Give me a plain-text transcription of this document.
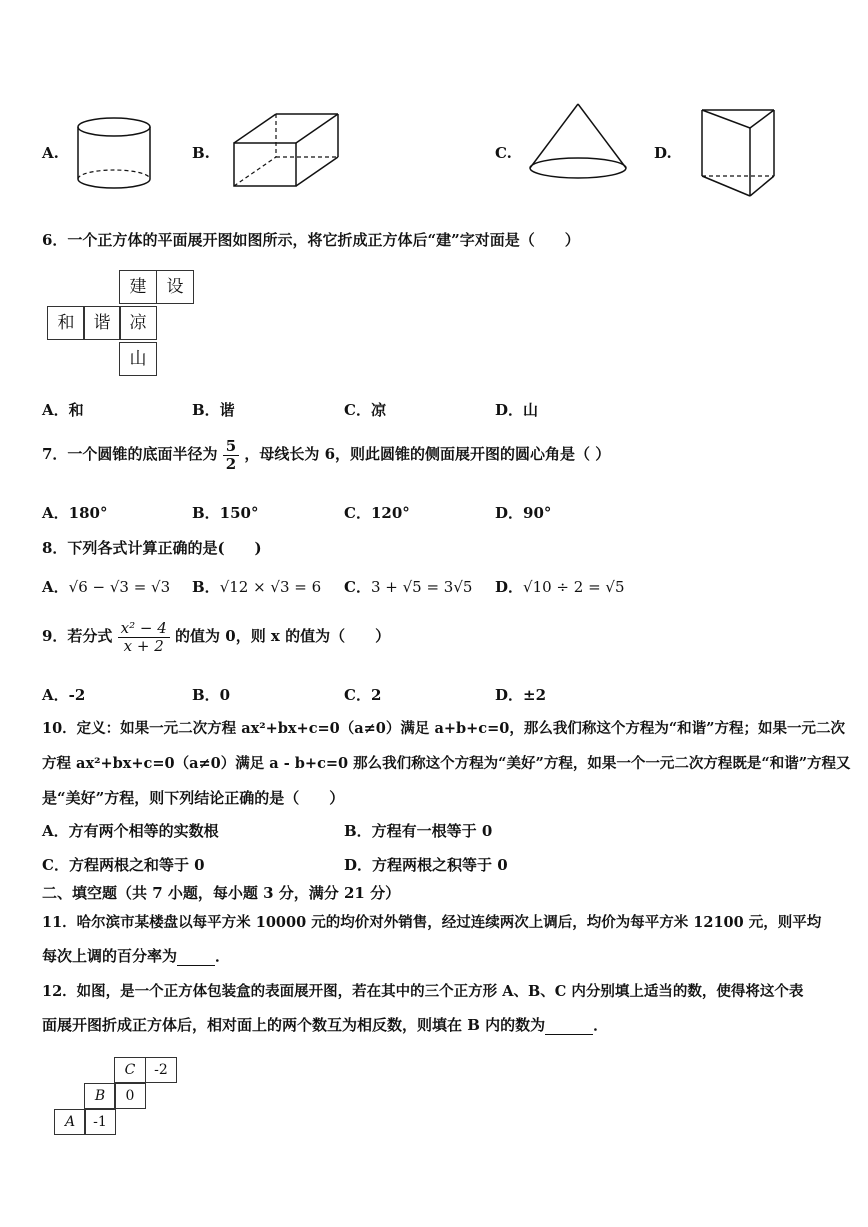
A.	B.	C.	D.
6．一个正方体的平面展开图如图所示，将它折成正方体后“建”字对面是（　　）
建	设
和	谐	凉
山
A．和	B．谐	C．凉	D．山
7．一个圆锥的底面半径为 $\frac{5}{2}$ ，母线长为 6，则此圆锥的侧面展开图的圆心角是（ ）
A．180°	B．150°	C．120°	D．90°
8．下列各式计算正确的是(　　)
A．√6 − √3 = √3 B．√12 × √3 = 6 C．3 + √5 = 3√5 D．√10 ÷ 2 = √5
9．若分式 $\frac{\text{x² − 4}}{x + 2}$ 的值为 0，则 x 的值为（　　）
A．-2	B．0	C．2	D．±2
10．定义：如果一元二次方程 ax²+bx+c=0（a≠0）满足 a+b+c=0，那么我们称这个方程为“和谐”方程；如果一元二次
方程 ax²+bx+c=0（a≠0）满足 a - b+c=0 那么我们称这个方程为“美好”方程，如果一个一元二次方程既是“和谐”方程又
是“美好”方程，则下列结论正确的是（　　）
A．方有两个相等的实数根	B．方程有一根等于 0
C．方程两根之和等于 0	D．方程两根之积等于 0
二、填空题（共 7 小题，每小题 3 分，满分 21 分）
11．哈尔滨市某楼盘以每平方米 10000 元的均价对外销售，经过连续两次上调后，均价为每平方米 12100 元，则平均
每次上调的百分率为	．
12．如图，是一个正方体包装盒的表面展开图，若在其中的三个正方形 A、B、C 内分别填上适当的数，使得将这个表
面展开图折成正方体后，相对面上的两个数互为相反数，则填在 B 内的数为	．
C	-2
B	0
A	-1
